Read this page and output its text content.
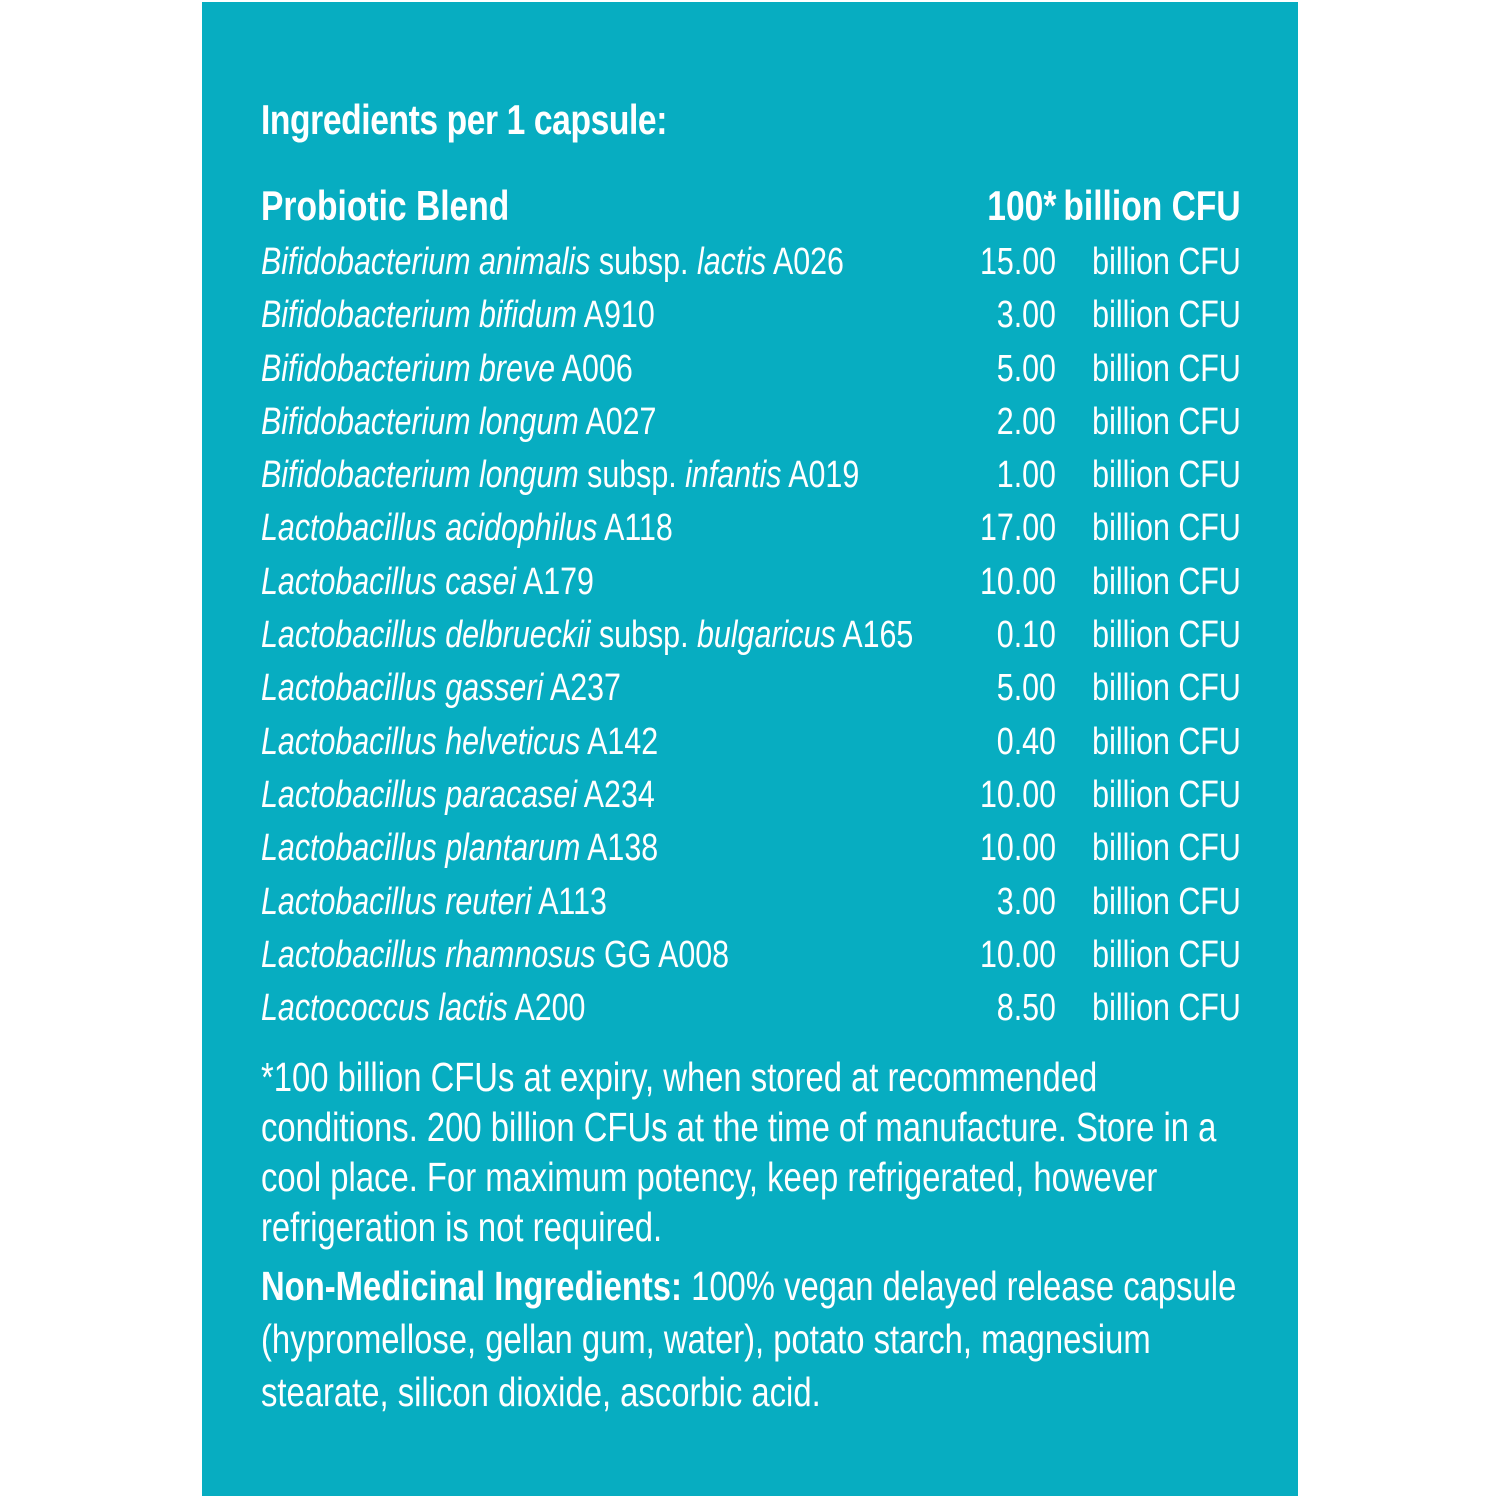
Ingredients per 1 capsule:
Probiotic Blend	100* billion CFU
Bifidobacterium animalis subsp. lactis A026	15.00 billion CFU
Bifidobacterium bifidum A910	3.00 billion CFU
Bifidobacterium breve A006	5.00 billion CFU
Bifidobacterium longum A027	2.00 billion CFU
Bifidobacterium longum subsp. infantis A019	1.00 billion CFU
Lactobacillus acidophilus A118	17.00 billion CFU
Lactobacillus casei A179	10.00 billion CFU
Lactobacillus delbrueckii subsp. bulgaricus A165 0.10 billion CFU
Lactobacillus gasseri A237	5.00 billion CFU
Lactobacillus helveticus A142	0.40 billion CFU
Lactobacillus paracasei A234	10.00 billion CFU
Lactobacillus plantarum A138	10.00 billion CFU
Lactobacillus reuteri A113	3.00 billion CFU
Lactobacillus rhamnosus GG A008	10.00 billion CFU
Lactococcus lactis A200	8.50 billion CFU
*100 billion CFUs at expiry, when stored at recommended
conditions. 200 billion CFUs at the time of manufacture. Store in a
cool place. For maximum potency, keep refrigerated, however
refrigeration is not required.
Non-Medicinal Ingredients: 100% vegan delayed release capsule
(hypromellose, gellan gum, water), potato starch, magnesium
stearate, silicon dioxide, ascorbic acid.
